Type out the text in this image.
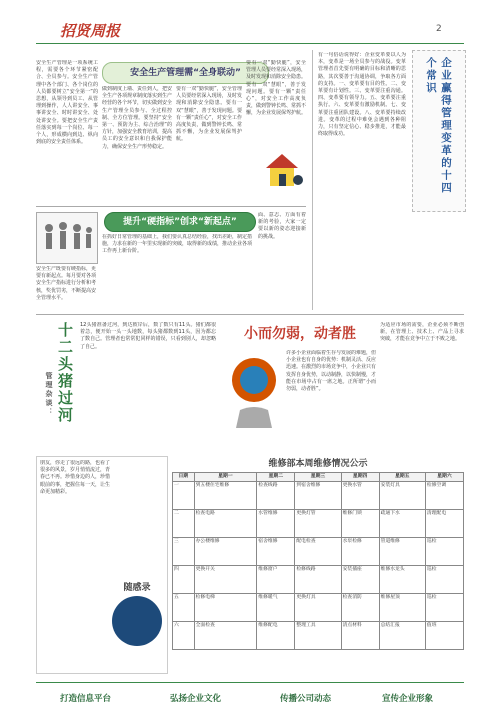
招贤周报	2
安全生产管理需“全身联动”
安全生产管理是一项系统工程，需要各个环节紧密配合、全员参与。安全生产管理中各个部门、各个岗位的人员都要树立“安全第一”的思想，从领导到员工、从管理到操作，人人讲安全、事事讲安全、时时讲安全、处处讲安全。要把安全生产责任落实到每一个岗位、每一个人，形成横向到边、纵向到底的安全责任体系。
做到制度上墙、责任到人，把安全生产各项规章制度落实到生产经营的各个环节，切实做到安全生产管理全员参与、全过程控制、全方位管理。要坚持“安全第一、预防为主、综合治理”的方针，加强安全教育培训，提高员工的安全意识和自我保护能力，确保安全生产形势稳定。
要有一双“勤快腿”，安全管理人员要经常深入现场，及时发现和消除安全隐患。要有一双“慧眼”，善于发现问题。要有一颗“责任心”，对安全工作高度负责，做到警钟长鸣、常抓不懈，为企业发展保驾护航。
要有一双“勤快腿”，安全管理人员要经常深入现场，及时发现和消除安全隐患。要有一双“慧眼”，善于发现问题。要有一颗“责任心”，对安全工作高度负责，做到警钟长鸣、常抓不懈，为企业发展保驾护航。
提升“硬指标”创求“新起点”
安全生产既要有硬指标，更要有新起点。每月要对各项安全生产指标进行分析和考核，奖优罚劣，不断提高安全管理水平。
在抓好日常管理的基础上，我们要认真总结经验，找出差距，制定措施，力求在新的一年里实现新的突破，取得新的成绩，推动企业各项工作再上新台阶。
面、意志、方面有着新的考验，大家一定要以新的姿态迎接新的挑战。
有一句俗话说得好：企业变革要以人为本，变革是一场全员参与的战役。变革管理者首先要有明确的目标和清晰的思路，其次要善于沟通协调，争取各方面的支持。一、变革要有目的性。二、变革要有计划性。三、变革要注重沟通。四、变革要有领导力。五、变革要注重执行。六、变革要有激励机制。七、变革要注重团队建设。八、变革要持续改进。变革的过程中难免会遇到各种阻力，只有坚定信心、稳步推进，才能最终取得成功。	企业赢得管理变革的十四个常识
十二头猪过河
管理杂谈：
12头猪准备过河，到达彼岸后，数了数只有11头。猪们都很着急，便开始一头一头地数，每头猪都数到11头，因为都忘了数自己。管理者也常常犯同样的错误，只看到别人，却忽略了自己。
小而勿弱，动者胜
许多小企业面临着生存与发展的难题，但小企业也有自身的优势：机制灵活、反应迅速。在激烈的市场竞争中，小企业只有发挥自身优势，以动制静，以快制慢，才能在市场中占有一席之地。正所谓“小而勿弱，动者胜”。
为适应市场的需要，企业必须不断创新，在管理上、技术上、产品上寻求突破，才能在竞争中立于不败之地。
朋友，你走了很远的路，也看了很多的风景，岁月悄悄流过，青春已不再。珍惜身边的人，珍惜眼前的事，把握住每一天，让生命更加精彩。
随感录
维修部本周维修情况公示
日期	星期一	星期二	星期三	星期四	星期五	星期六
一	到五楼住宅维修	检查线路	到宿舍维修	更换水管	安装灯具	检修空调
二	检查电路	水管维修	更换灯管	维修门锁	疏通下水	清理配电
三	办公楼维修	宿舍维修	配电检查	水泵检修	管道维修	巡检
四	更换开关	维修窗户	检修线路	安装插座	维修水龙头	巡检
五	检修电梯	维修暖气	更换灯具	检查消防	维修屋顶	巡检
六	全面检查	维修配电	整理工具	清点材料	总结汇报	值班
打造信息平台	弘扬企业文化	传播公司动态	宣传企业形象
